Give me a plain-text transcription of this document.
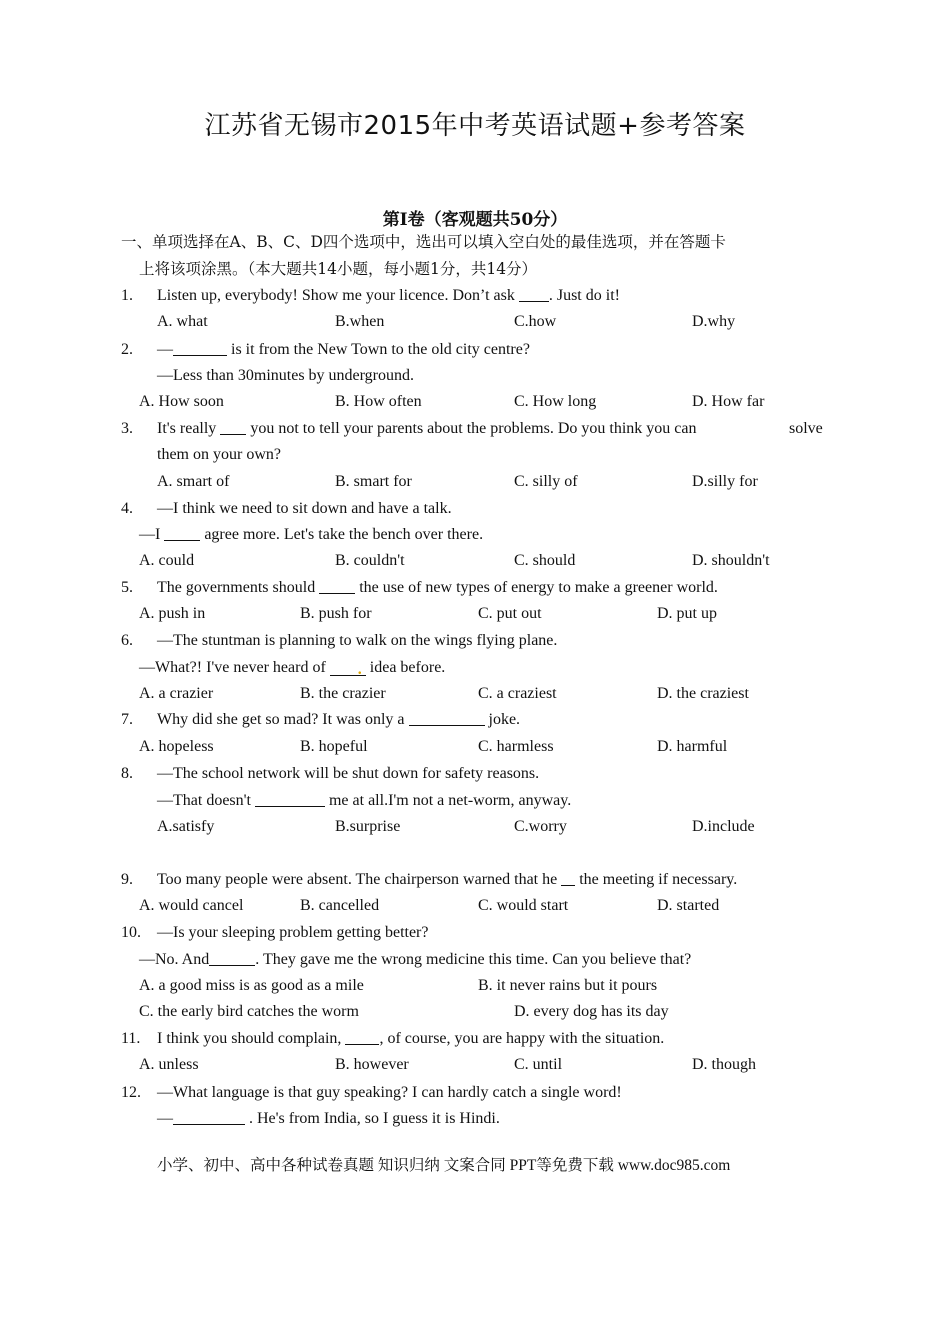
江苏省无锡市2015年中考英语试题+参考答案
第I卷（客观题共50分）
一、单项选择在A、B、C、D四个选项中，选出可以填入空白处的最佳选项，并在答题卡
上将该项涂黑。（本大题共14小题，每小题1分，共14分）
1. Listen up, everybody! Show me your licence. Don’t ask . Just do it!
A. what	B.when	C.how	D.why
2. —	is it from the New Town to the old city centre?
—Less than 30minutes by underground.
A. How soon	B. How often	C. How long	D. How far
3. It's really  you not to tell your parents about the problems. Do you think you can	solve
them on your own?
A. smart of	B. smart for	C. silly of	D.silly for
4. —I think we need to sit down and have a talk.
—I  agree more. Let's take the bench over there.
A. could	B. couldn't	C. should	D. shouldn't
5. The governments should  the use of new types of energy to make a greener world.
A. push in	B. push for	C. put out	D. put up
6. —The stuntman is planning to walk on the wings flying plane.
—What?! I've never heard of . idea before.
A. a crazier	B. the crazier	C. a craziest	D. the craziest
7. Why did she get so mad? It was only a	joke.
A. hopeless	B. hopeful	C. harmless	D. harmful
8. —The school network will be shut down for safety reasons.
—That doesn't	me at all.I'm not a net-worm, anyway.
A.satisfy	B.surprise	C.worry	D.include
9. Too many people were absent. The chairperson warned that he  the meeting if necessary.
A. would cancel	B. cancelled	C. would start	D. started
10. —Is your sleeping problem getting better?
—No. And	. They gave me the wrong medicine this time. Can you believe that?
A. a good miss is as good as a mile	B. it never rains but it pours
C. the early bird catches the worm	D. every dog has its day
11. I think you should complain, , of course, you are happy with the situation.
A. unless	B. however	C. until	D. though
12. —What language is that guy speaking? I can hardly catch a single word!
—	. He's from India, so I guess it is Hindi.
小学、初中、高中各种试卷真题 知识归纳 文案合同 PPT等免费下载 www.doc985.com
